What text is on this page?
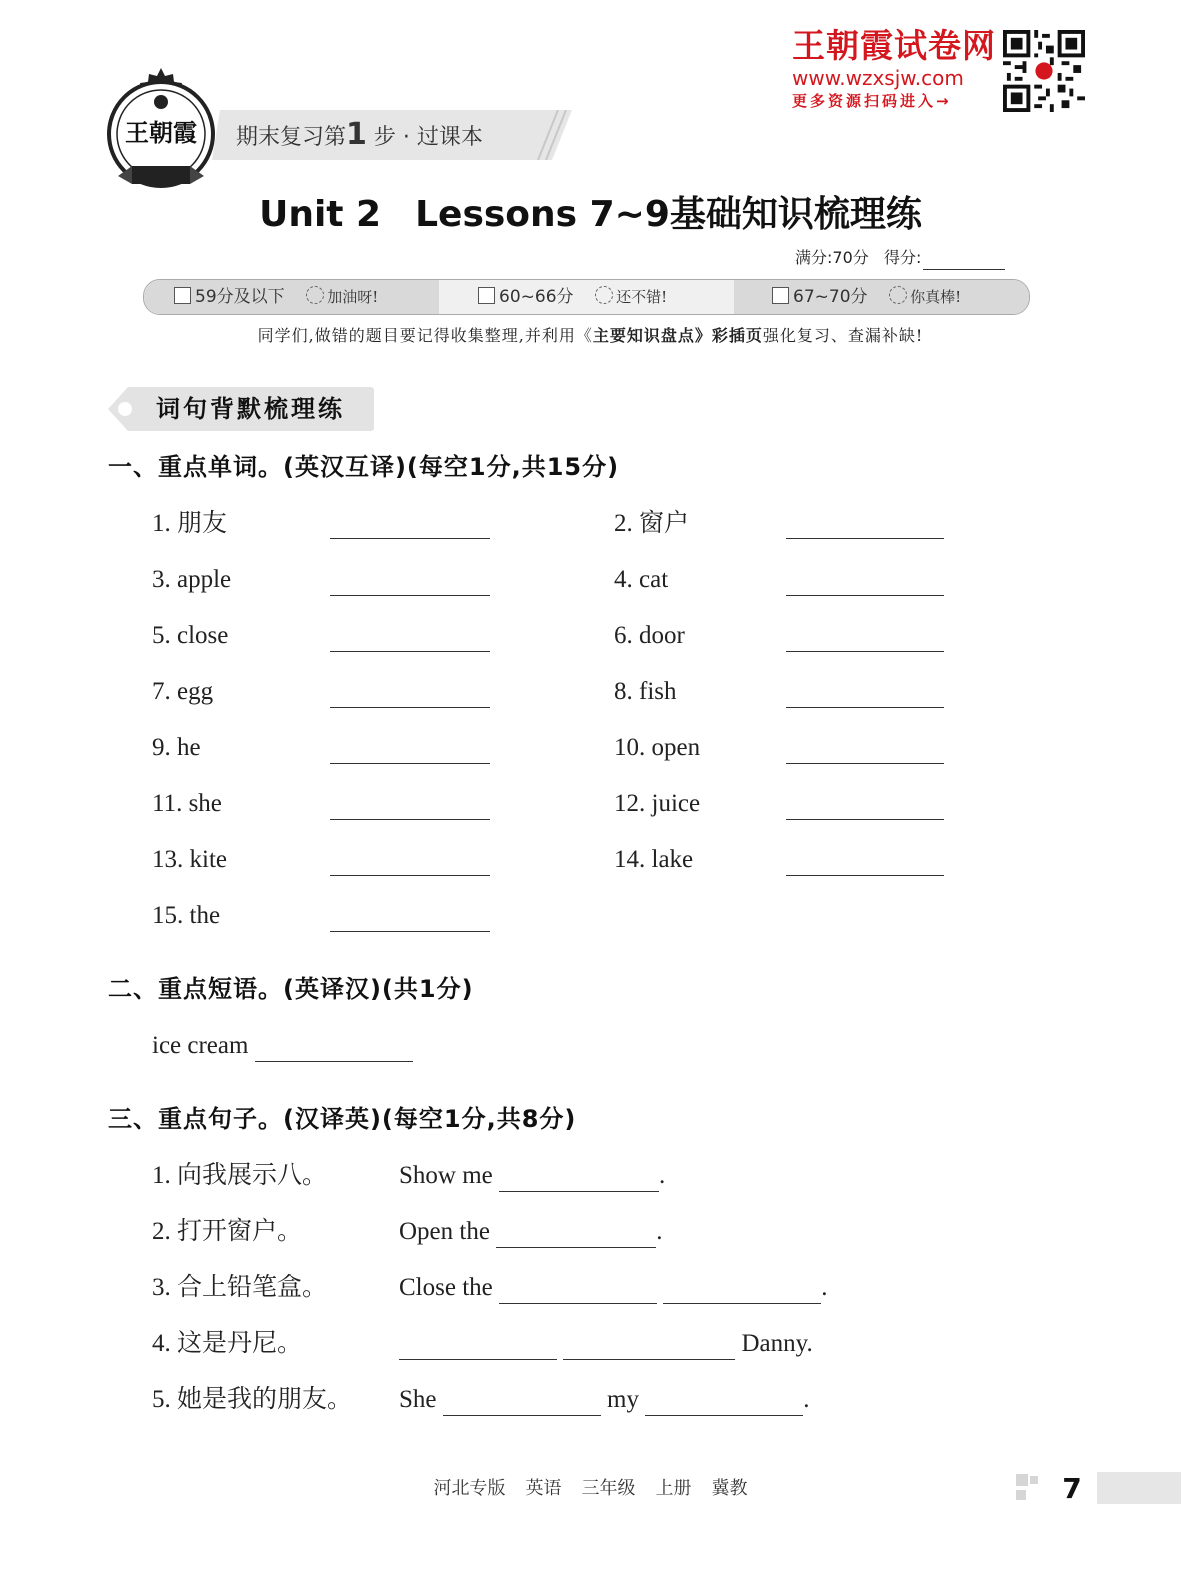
王朝霞试卷网
www.wzxsjw.com
更多资源扫码进入→
王朝霞 期末复习第1 步 · 过课本
Unit 2 Lessons 7~9基础知识梳理练
满分:70分 得分:
59分及以下	加油呀!	60~66分	还不错!	67~70分	你真棒!
同学们,做错的题目要记得收集整理,并利用《主要知识盘点》彩插页强化复习、查漏补缺!
词句背默梳理练
一、重点单词。(英汉互译)(每空1分,共15分)
1. 朋友	2. 窗户
3. apple	4. cat
5. close	6. door
7. egg	8. fish
9. he	10. open
11. she	12. juice
13. kite	14. lake
15. the
二、重点短语。(英译汉)(共1分)
ice cream
三、重点句子。(汉译英)(每空1分,共8分)
1. 向我展示八。	Show me	.
2. 打开窗户。	Open the	.
3. 合上铅笔盒。	Close the	.
4. 这是丹尼。	Danny.
5. 她是我的朋友。 She	my	.
河北专版 英语 三年级 上册 冀教	7
